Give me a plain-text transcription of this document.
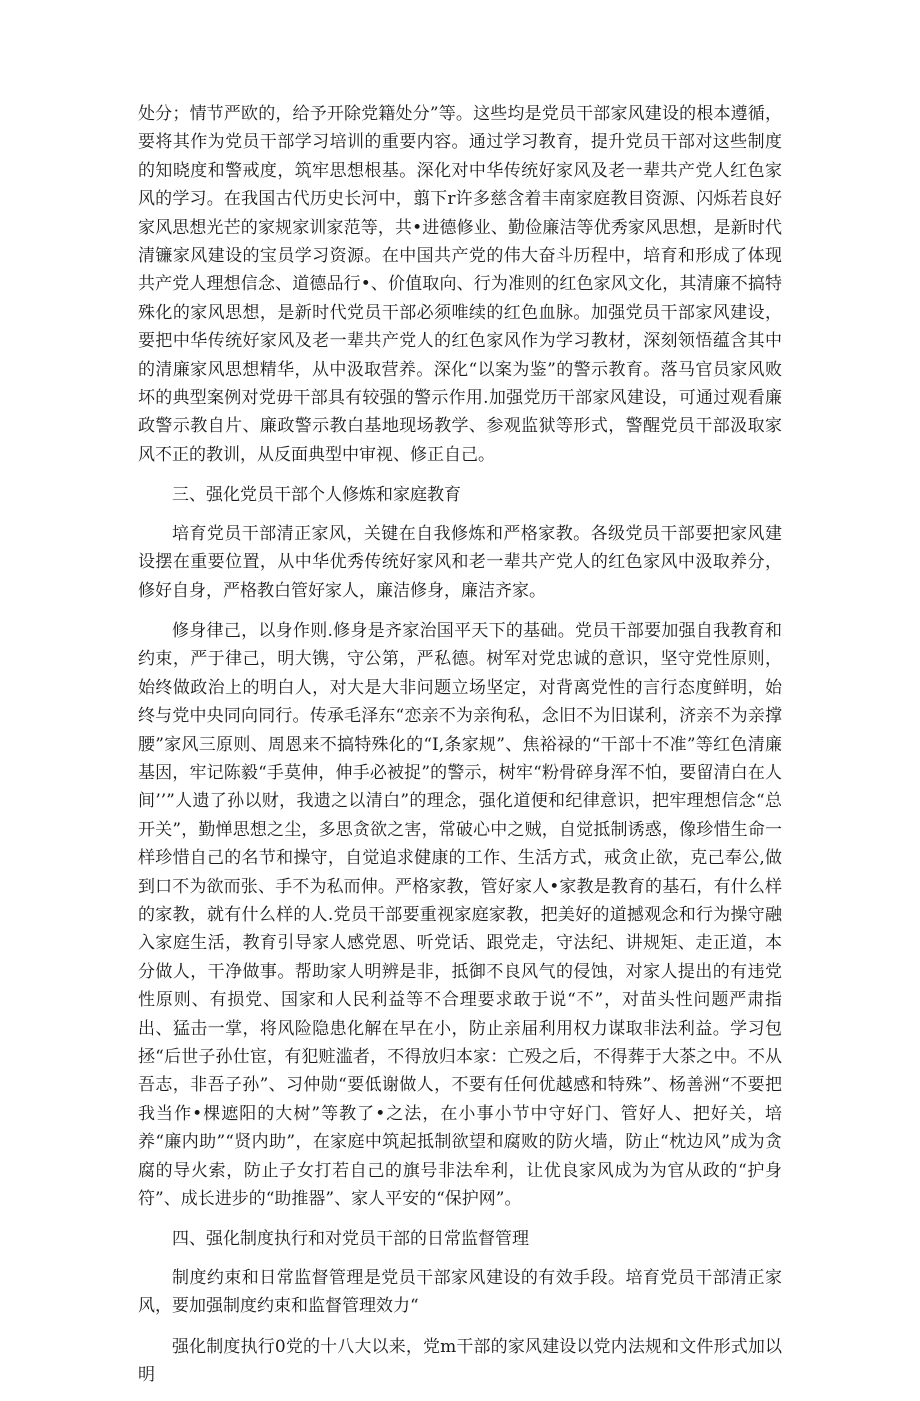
处分；情节严欧的，给予开除党籍处分”等。这些均是党员干部家风建设的根本遵循，要将其作为党员干部学习培训的重要内容。通过学习教育，提升党员干部对这些制度的知晓度和警戒度，筑牢思想根基。深化对中华传统好家风及老一辈共产党人红色家风的学习。在我国古代历史长河中，翦下r许多慈含着丰南家庭教目资源、闪烁若良好家风思想光芒的家规家训家范等，共•进德修业、勤俭廉洁等优秀家风思想，是新时代清镰家风建设的宝员学习资源。在中国共产党的伟大奋斗历程中，培育和形成了体现共产党人理想信念、道德品行•、价值取向、行为准则的红色家风文化，其清廉不搞特殊化的家风思想，是新时代党员干部必须唯续的红色血脉。加强党员干部家风建设，要把中华传统好家风及老一辈共产党人的红色家风作为学习教材，深刻领悟蕴含其中的清廉家风思想精华，从中汲取营养。深化“以案为鉴”的警示教育。落马官员家风败坏的典型案例对党毋干部具有较强的警示作用.加强党历干部家风建设，可通过观看廉政警示教自片、廉政警示教白基地现场教学、参观监狱等形式，警醒党员干部汲取家风不正的教训，从反面典型中审视、修正自己。

三、强化党员干部个人修炼和家庭教育

培育党员干部清正家风，关键在自我修炼和严格家教。各级党员干部要把家风建设摆在重要位置，从中华优秀传统好家风和老一辈共产党人的红色家风中汲取养分，修好自身，严格教白管好家人，廉洁修身，廉洁齐家。

修身律己，以身作则.修身是齐家治国平天下的基础。党员干部要加强自我教育和约束，严于律己，明大镌，守公第，严私德。树军对党忠诚的意识，坚守党性原则，始终做政治上的明白人，对大是大非问题立场坚定，对背离党性的言行态度鲜明，始终与党中央同向同行。传承毛泽东“恋亲不为亲徇私，念旧不为旧谋利，济亲不为亲撑腰”家风三原则、周恩来不搞特殊化的“I,条家规”、焦裕禄的“干部十不准”等红色清廉基因，牢记陈毅“手莫伸，伸手必被捉”的警示，树牢“粉骨碎身浑不怕，要留清白在人间’’”人遗了孙以财，我遗之以清白”的理念，强化道便和纪律意识，把牢理想信念“总开关”，勤惮思想之尘，多思贪欲之害，常破心中之贼，自觉抵制诱惑，像珍惜生命一样珍惜自己的名节和操守，自觉追求健康的工作、生活方式，戒贪止欲，克己奉公,做到口不为欲而张、手不为私而伸。严格家教，管好家人•家教是教育的基石，有什么样的家教，就有什么样的人.党员干部要重视家庭家教，把美好的道撼观念和行为操守融入家庭生活，教育引导家人感党恩、听党话、跟党走，守法纪、讲规矩、走正道，本分做人，干净做事。帮助家人明辨是非，抵御不良风气的侵蚀，对家人提出的有违党性原则、有损党、国家和人民利益等不合理要求敢于说“不”，对苗头性问题严肃指出、猛击一掌，将风险隐患化解在早在小，防止亲届利用权力谋取非法利益。学习包拯“后世子孙仕宦，有犯赃滥者，不得放归本家：亡殁之后，不得葬于大茶之中。不从吾志，非吾子孙”、习仲勋“要低谢做人，不要有任何优越感和特殊”、杨善洲“不要把我当作•棵遮阳的大树”等教了•之法，在小事小节中守好门、管好人、把好关，培养“廉内助”“贤内助”，在家庭中筑起抵制欲望和腐败的防火墙，防止“枕边风”成为贪腐的导火索，防止子女打若自己的旗号非法牟利，让优良家风成为为官从政的“护身符”、成长进步的“助推器”、家人平安的“保护网”。

四、强化制度执行和对党员干部的日常监督管理

制度约束和日常监督管理是党员干部家风建设的有效手段。培育党员干部清正家风，要加强制度约束和监督管理效力“

强化制度执行0党的十八大以来，党m干部的家风建设以党内法规和文件形式加以明
